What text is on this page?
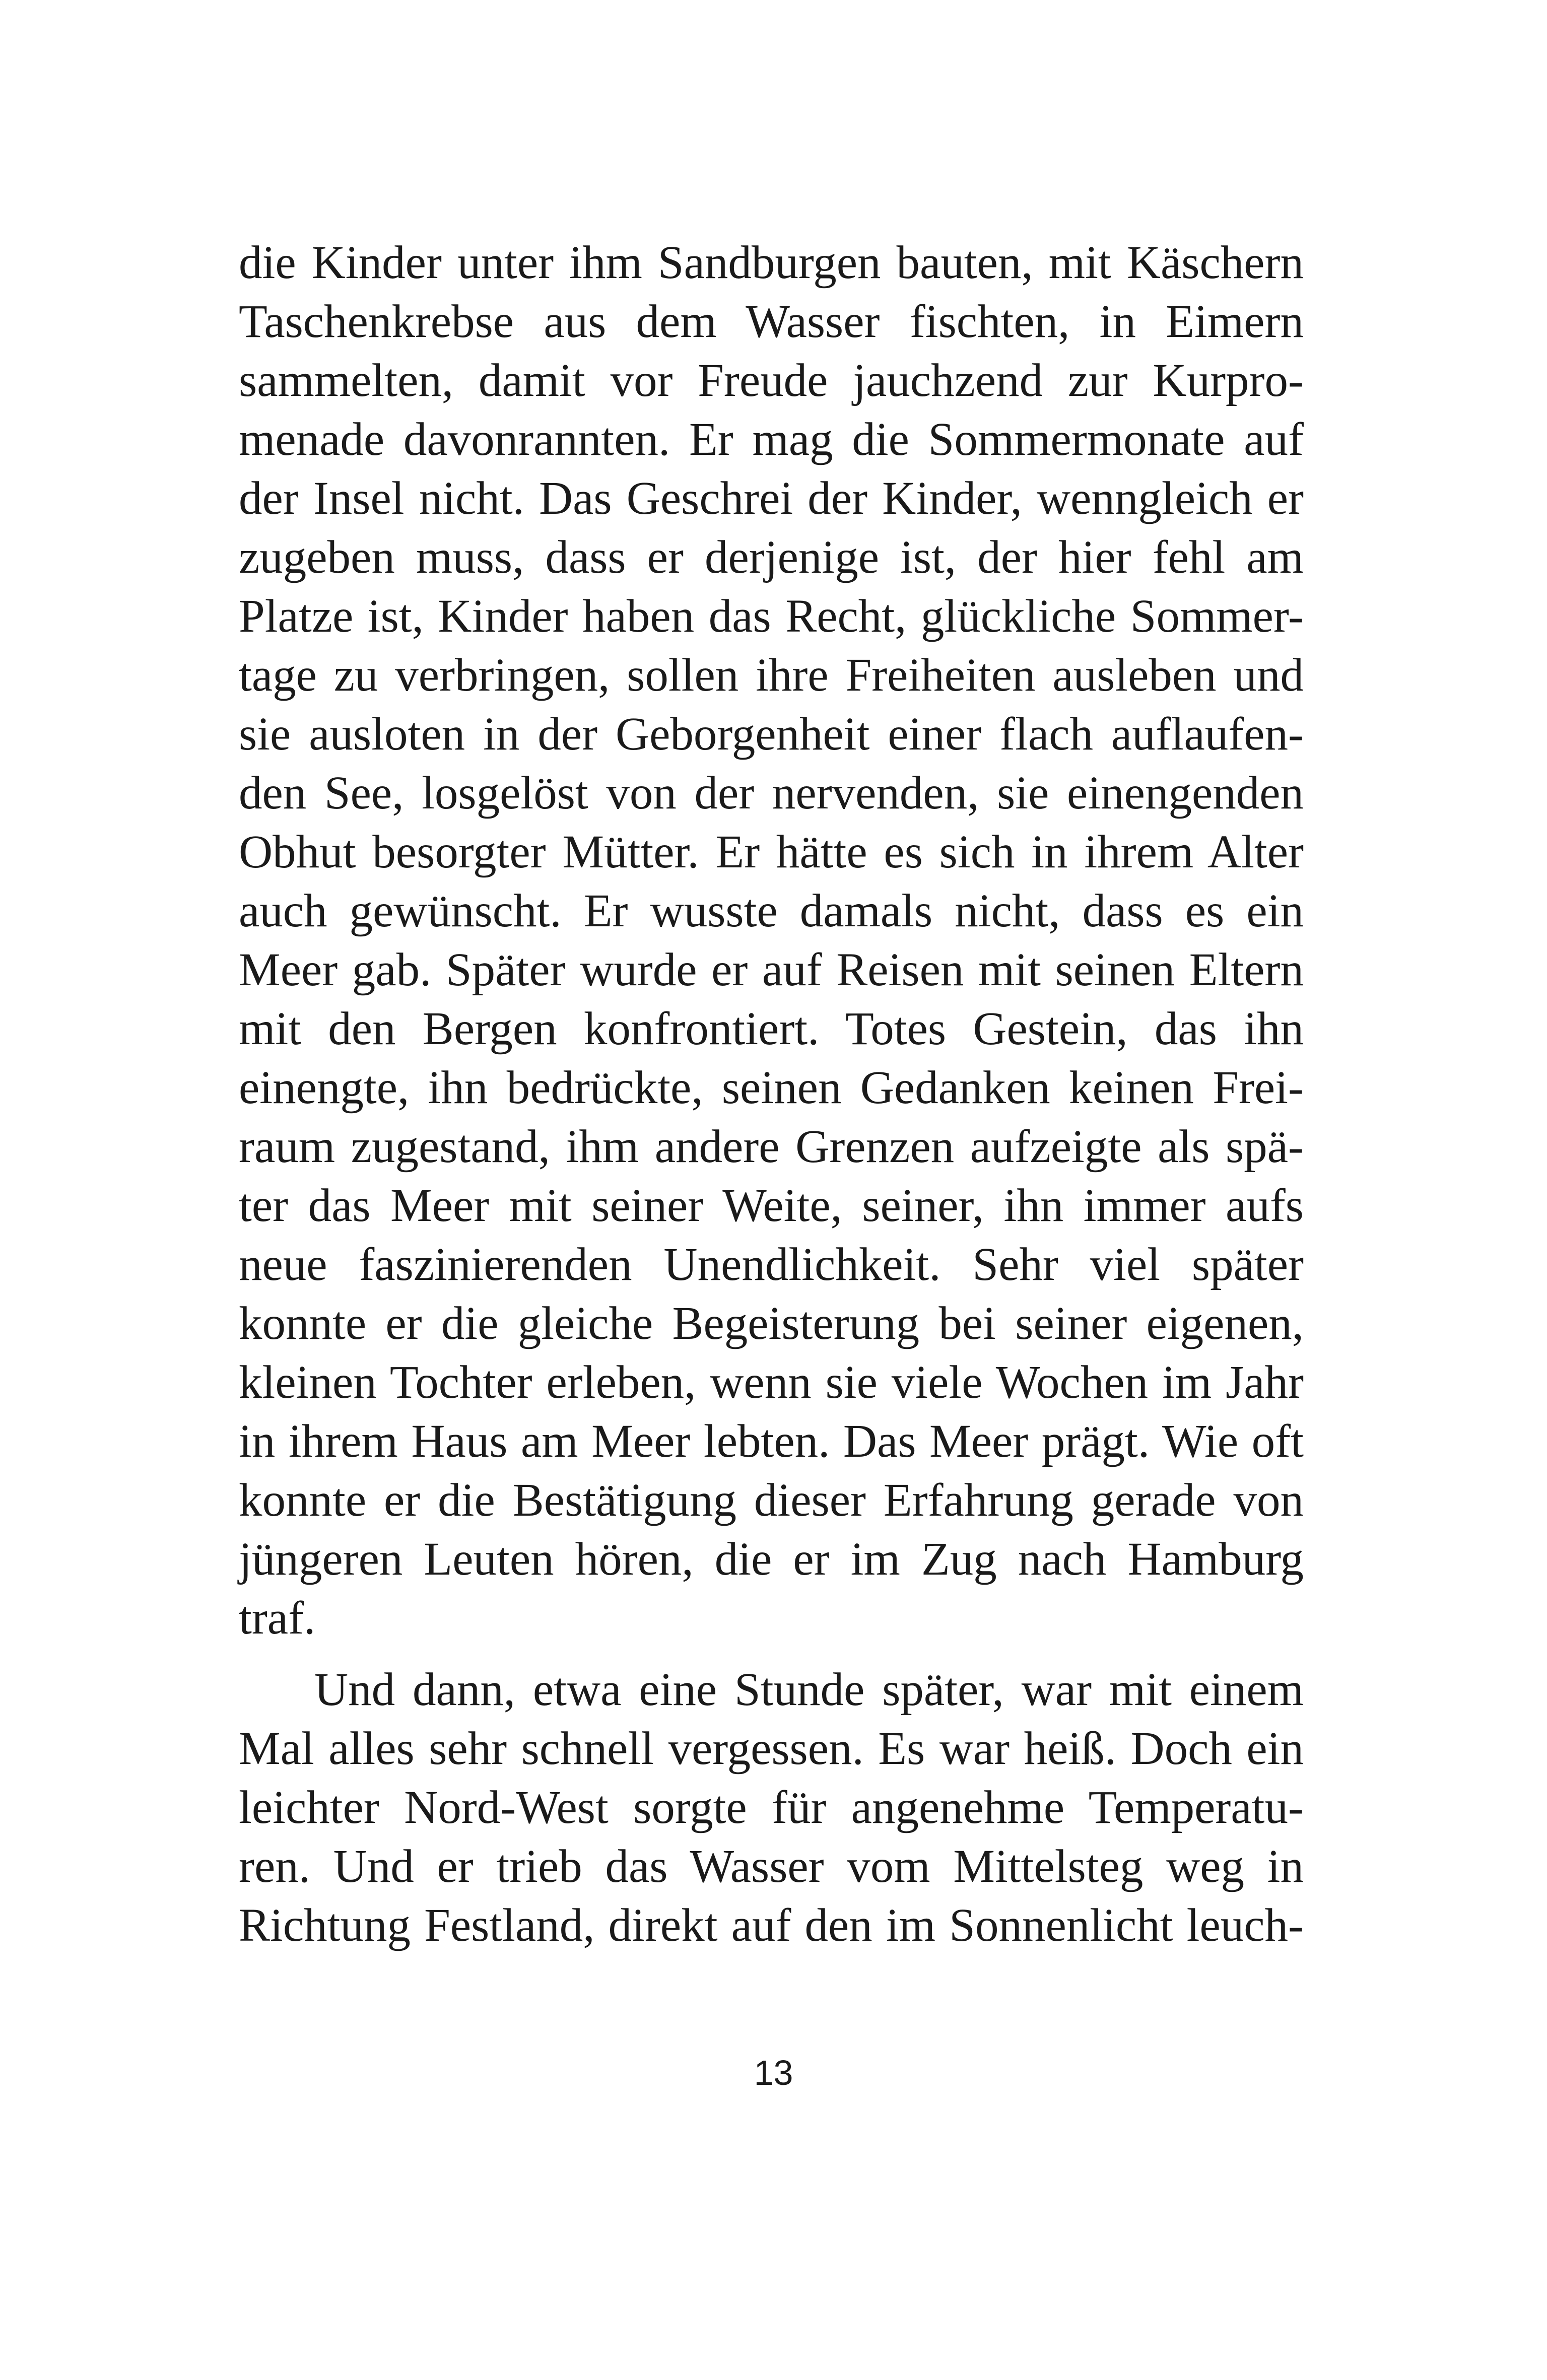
die Kinder unter ihm Sandburgen bauten, mit Käschern
Taschenkrebse aus dem Wasser fischten, in Eimern
sammelten, damit vor Freude jauchzend zur Kurpro-
menade davonrannten. Er mag die Sommermonate auf
der Insel nicht. Das Geschrei der Kinder, wenngleich er
zugeben muss, dass er derjenige ist, der hier fehl am
Platze ist, Kinder haben das Recht, glückliche Sommer-
tage zu verbringen, sollen ihre Freiheiten ausleben und
sie ausloten in der Geborgenheit einer flach auflaufen-
den See, losgelöst von der nervenden, sie einengenden
Obhut besorgter Mütter. Er hätte es sich in ihrem Alter
auch gewünscht. Er wusste damals nicht, dass es ein
Meer gab. Später wurde er auf Reisen mit seinen Eltern
mit den Bergen konfrontiert. Totes Gestein, das ihn
einengte, ihn bedrückte, seinen Gedanken keinen Frei-
raum zugestand, ihm andere Grenzen aufzeigte als spä-
ter das Meer mit seiner Weite, seiner, ihn immer aufs
neue faszinierenden Unendlichkeit. Sehr viel später
konnte er die gleiche Begeisterung bei seiner eigenen,
kleinen Tochter erleben, wenn sie viele Wochen im Jahr
in ihrem Haus am Meer lebten. Das Meer prägt. Wie oft
konnte er die Bestätigung dieser Erfahrung gerade von
jüngeren Leuten hören, die er im Zug nach Hamburg
traf.
Und dann, etwa eine Stunde später, war mit einem
Mal alles sehr schnell vergessen. Es war heiß. Doch ein
leichter Nord-West sorgte für angenehme Temperatu-
ren. Und er trieb das Wasser vom Mittelsteg weg in
Richtung Festland, direkt auf den im Sonnenlicht leuch-
13
